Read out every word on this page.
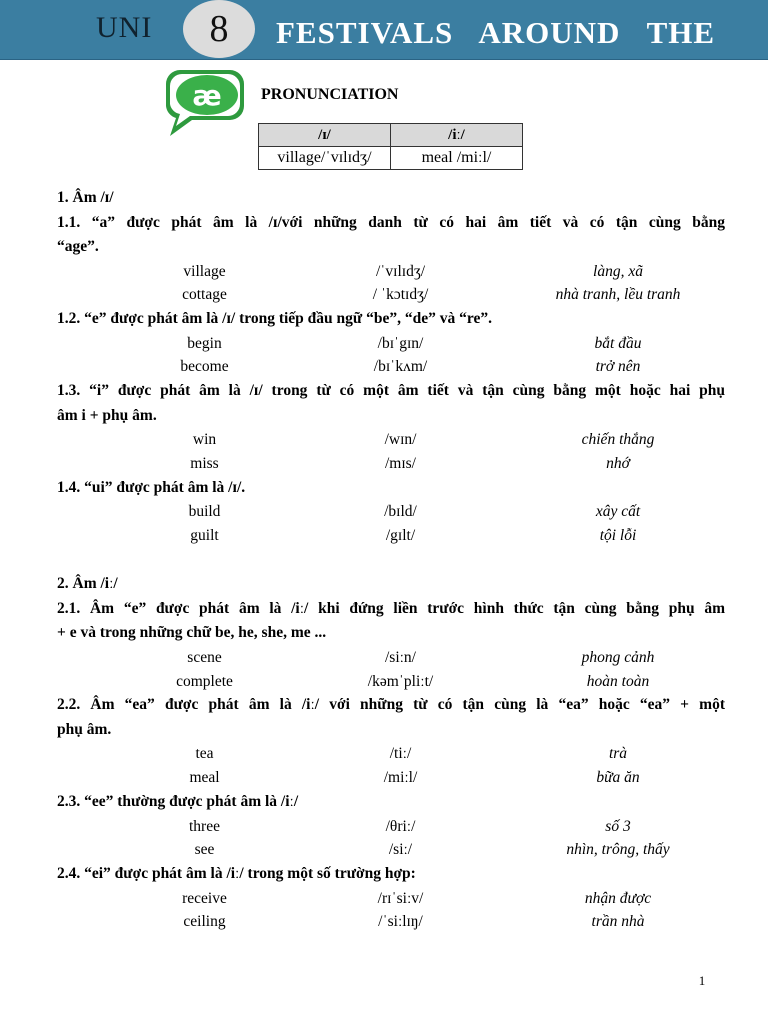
UNI	8	FESTIVALS AROUND THE
æ PRONUNCIATION
/ɪ/	/iː/
village/ˈvɪlɪdʒ/	meal /miːl/
1. Âm /ɪ/
1.1. “a” được phát âm là /ɪ/với những danh từ có hai âm tiết và có tận cùng bằng
“age”.
village	/ˈvɪlɪdʒ/	làng, xã
cottage	/ ˈkɔtɪdʒ/	nhà tranh, lều tranh
1.2. “e” được phát âm là /ɪ/ trong tiếp đầu ngữ “be”, “de” và “re”.
begin	/bɪˈgɪn/	bắt đầu
become	/bɪˈkʌm/	trở nên
1.3. “i” được phát âm là /ɪ/ trong từ có một âm tiết và tận cùng bằng một hoặc hai phụ
âm i + phụ âm.
win	/wɪn/	chiến thắng
miss	/mɪs/	nhớ
1.4. “ui” được phát âm là /ɪ/.
build	/bɪld/	xây cất
guilt	/gɪlt/	tội lỗi
2. Âm /iː/
2.1. Âm “e” được phát âm là /iː/ khi đứng liền trước hình thức tận cùng bằng phụ âm
+ e và trong những chữ be, he, she, me ...
scene	/siːn/	phong cảnh
complete	/kəmˈpliːt/	hoàn toàn
2.2. Âm “ea” được phát âm là /iː/ với những từ có tận cùng là “ea” hoặc “ea” + một
phụ âm.
tea	/tiː/	trà
meal	/miːl/	bữa ăn
2.3. “ee” thường được phát âm là /iː/
three	/θriː/	số 3
see	/siː/	nhìn, trông, thấy
2.4. “ei” được phát âm là /iː/ trong một số trường hợp:
receive	/rɪˈsiːv/	nhận được
ceiling	/ˈsiːlɪŋ/	trần nhà
1
